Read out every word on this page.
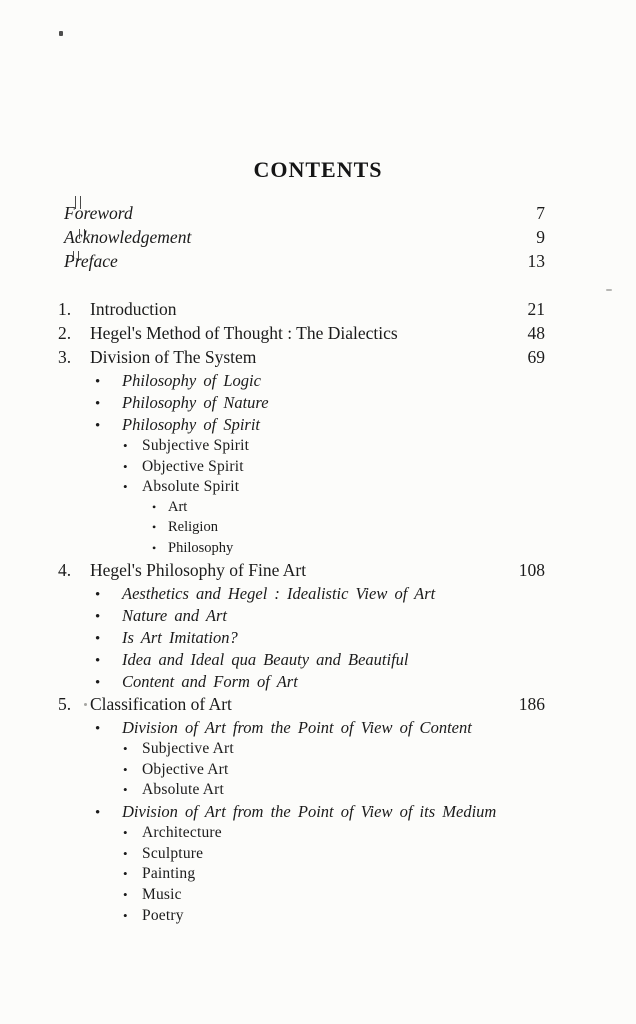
CONTENTS
Foreword	7
Acknowledgement	9
Preface	13
1.	Introduction	21
2.	Hegel's Method of Thought : The Dialectics	48
3.	Division of The System	69
•	Philosophy of Logic
•	Philosophy of Nature
•	Philosophy of Spirit
• Subjective Spirit
• Objective Spirit
• Absolute Spirit
• Art
• Religion
• Philosophy
4.	Hegel's Philosophy of Fine Art	108
•	Aesthetics and Hegel : Idealistic View of Art
•	Nature and Art
•	Is Art Imitation?
•	Idea and Ideal qua Beauty and Beautiful
•	Content and Form of Art
5.	Classification of Art	186
•	Division of Art from the Point of View of Content
• Subjective Art
• Objective Art
• Absolute Art
•	Division of Art from the Point of View of its Medium
• Architecture
• Sculpture
• Painting
• Music
• Poetry
